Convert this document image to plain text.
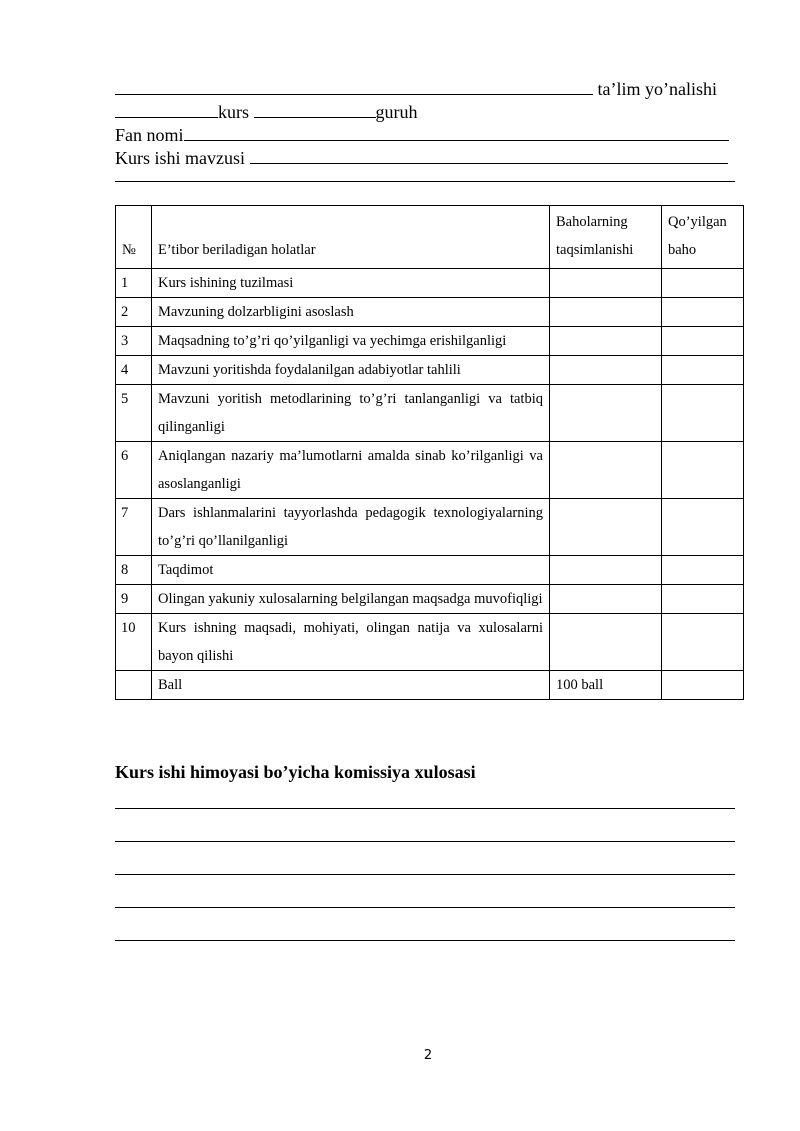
ta’lim yo’nalishi
kurs	guruh
Fan nomi
Kurs ishi mavzusi
№	E’tibor beriladigan holatlar	Baholarning taqsimlanishi	Qo’yilgan baho
1	Kurs ishining tuzilmasi		
2	Mavzuning dolzarbligini asoslash		
3	Maqsadning to’g’ri qo’yilganligi va yechimga erishilganligi		
4	Mavzuni yoritishda foydalanilgan adabiyotlar tahlili		
5	Mavzuni yoritish metodlarining to’g’ri tanlanganligi va tatbiq qilinganligi		
6	Aniqlangan nazariy ma’lumotlarni amalda sinab ko’rilganligi va asoslanganligi		
7	Dars ishlanmalarini tayyorlashda pedagogik texnologiyalarning to’g’ri qo’llanilganligi		
8	Taqdimot		
9	Olingan yakuniy xulosalarning belgilangan maqsadga muvofiqligi		
10	Kurs ishning maqsadi, mohiyati, olingan natija va xulosalarni bayon qilishi		
	Ball	100 ball	
Kurs ishi himoyasi bo’yicha komissiya xulosasi
2
